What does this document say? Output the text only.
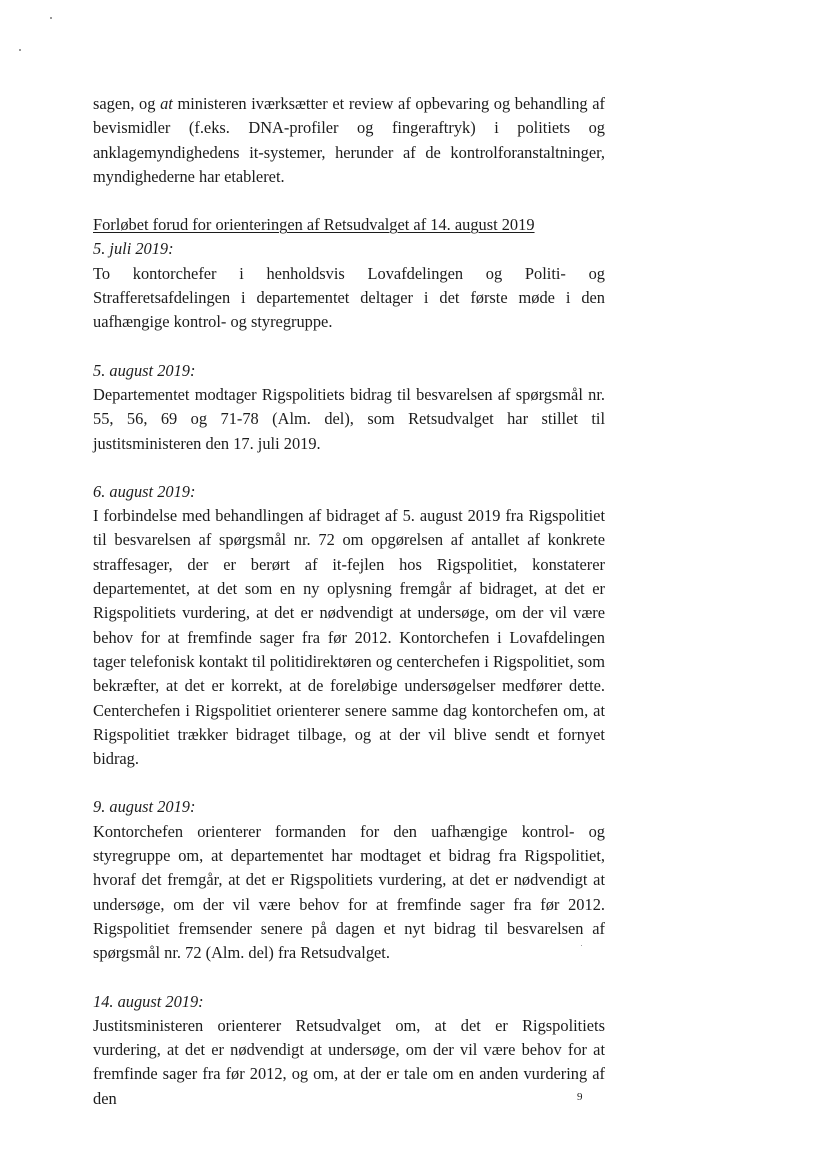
sagen, og at ministeren iværksætter et review af opbevaring og behandling af bevismidler (f.eks. DNA-profiler og fingeraftryk) i politiets og anklagemyndighedens it-systemer, herunder af de kontrolforanstaltninger, myndighederne har etableret.

Forløbet forud for orienteringen af Retsudvalget af 14. august 2019

5. juli 2019:

To kontorchefer i henholdsvis Lovafdelingen og Politi- og Strafferetsafdelingen i departementet deltager i det første møde i den uafhængige kontrol- og styregruppe.

5. august 2019:

Departementet modtager Rigspolitiets bidrag til besvarelsen af spørgsmål nr. 55, 56, 69 og 71-78 (Alm. del), som Retsudvalget har stillet til justitsministeren den 17. juli 2019.

6. august 2019:

I forbindelse med behandlingen af bidraget af 5. august 2019 fra Rigspolitiet til besvarelsen af spørgsmål nr. 72 om opgørelsen af antallet af konkrete straffesager, der er berørt af it-fejlen hos Rigspolitiet, konstaterer departementet, at det som en ny oplysning fremgår af bidraget, at det er Rigspolitiets vurdering, at det er nødvendigt at undersøge, om der vil være behov for at fremfinde sager fra før 2012. Kontorchefen i Lovafdelingen tager telefonisk kontakt til politidirektøren og centerchefen i Rigspolitiet, som bekræfter, at det er korrekt, at de foreløbige undersøgelser medfører dette. Centerchefen i Rigspolitiet orienterer senere samme dag kontorchefen om, at Rigspolitiet trækker bidraget tilbage, og at der vil blive sendt et fornyet bidrag.

9. august 2019:

Kontorchefen orienterer formanden for den uafhængige kontrol- og styregruppe om, at departementet har modtaget et bidrag fra Rigspolitiet, hvoraf det fremgår, at det er Rigspolitiets vurdering, at det er nødvendigt at undersøge, om der vil være behov for at fremfinde sager fra før 2012. Rigspolitiet fremsender senere på dagen et nyt bidrag til besvarelsen af spørgsmål nr. 72 (Alm. del) fra Retsudvalget.

14. august 2019:

Justitsministeren orienterer Retsudvalget om, at det er Rigspolitiets vurdering, at det er nødvendigt at undersøge, om der vil være behov for at fremfinde sager fra før 2012, og om, at der er tale om en anden vurdering af den	9
